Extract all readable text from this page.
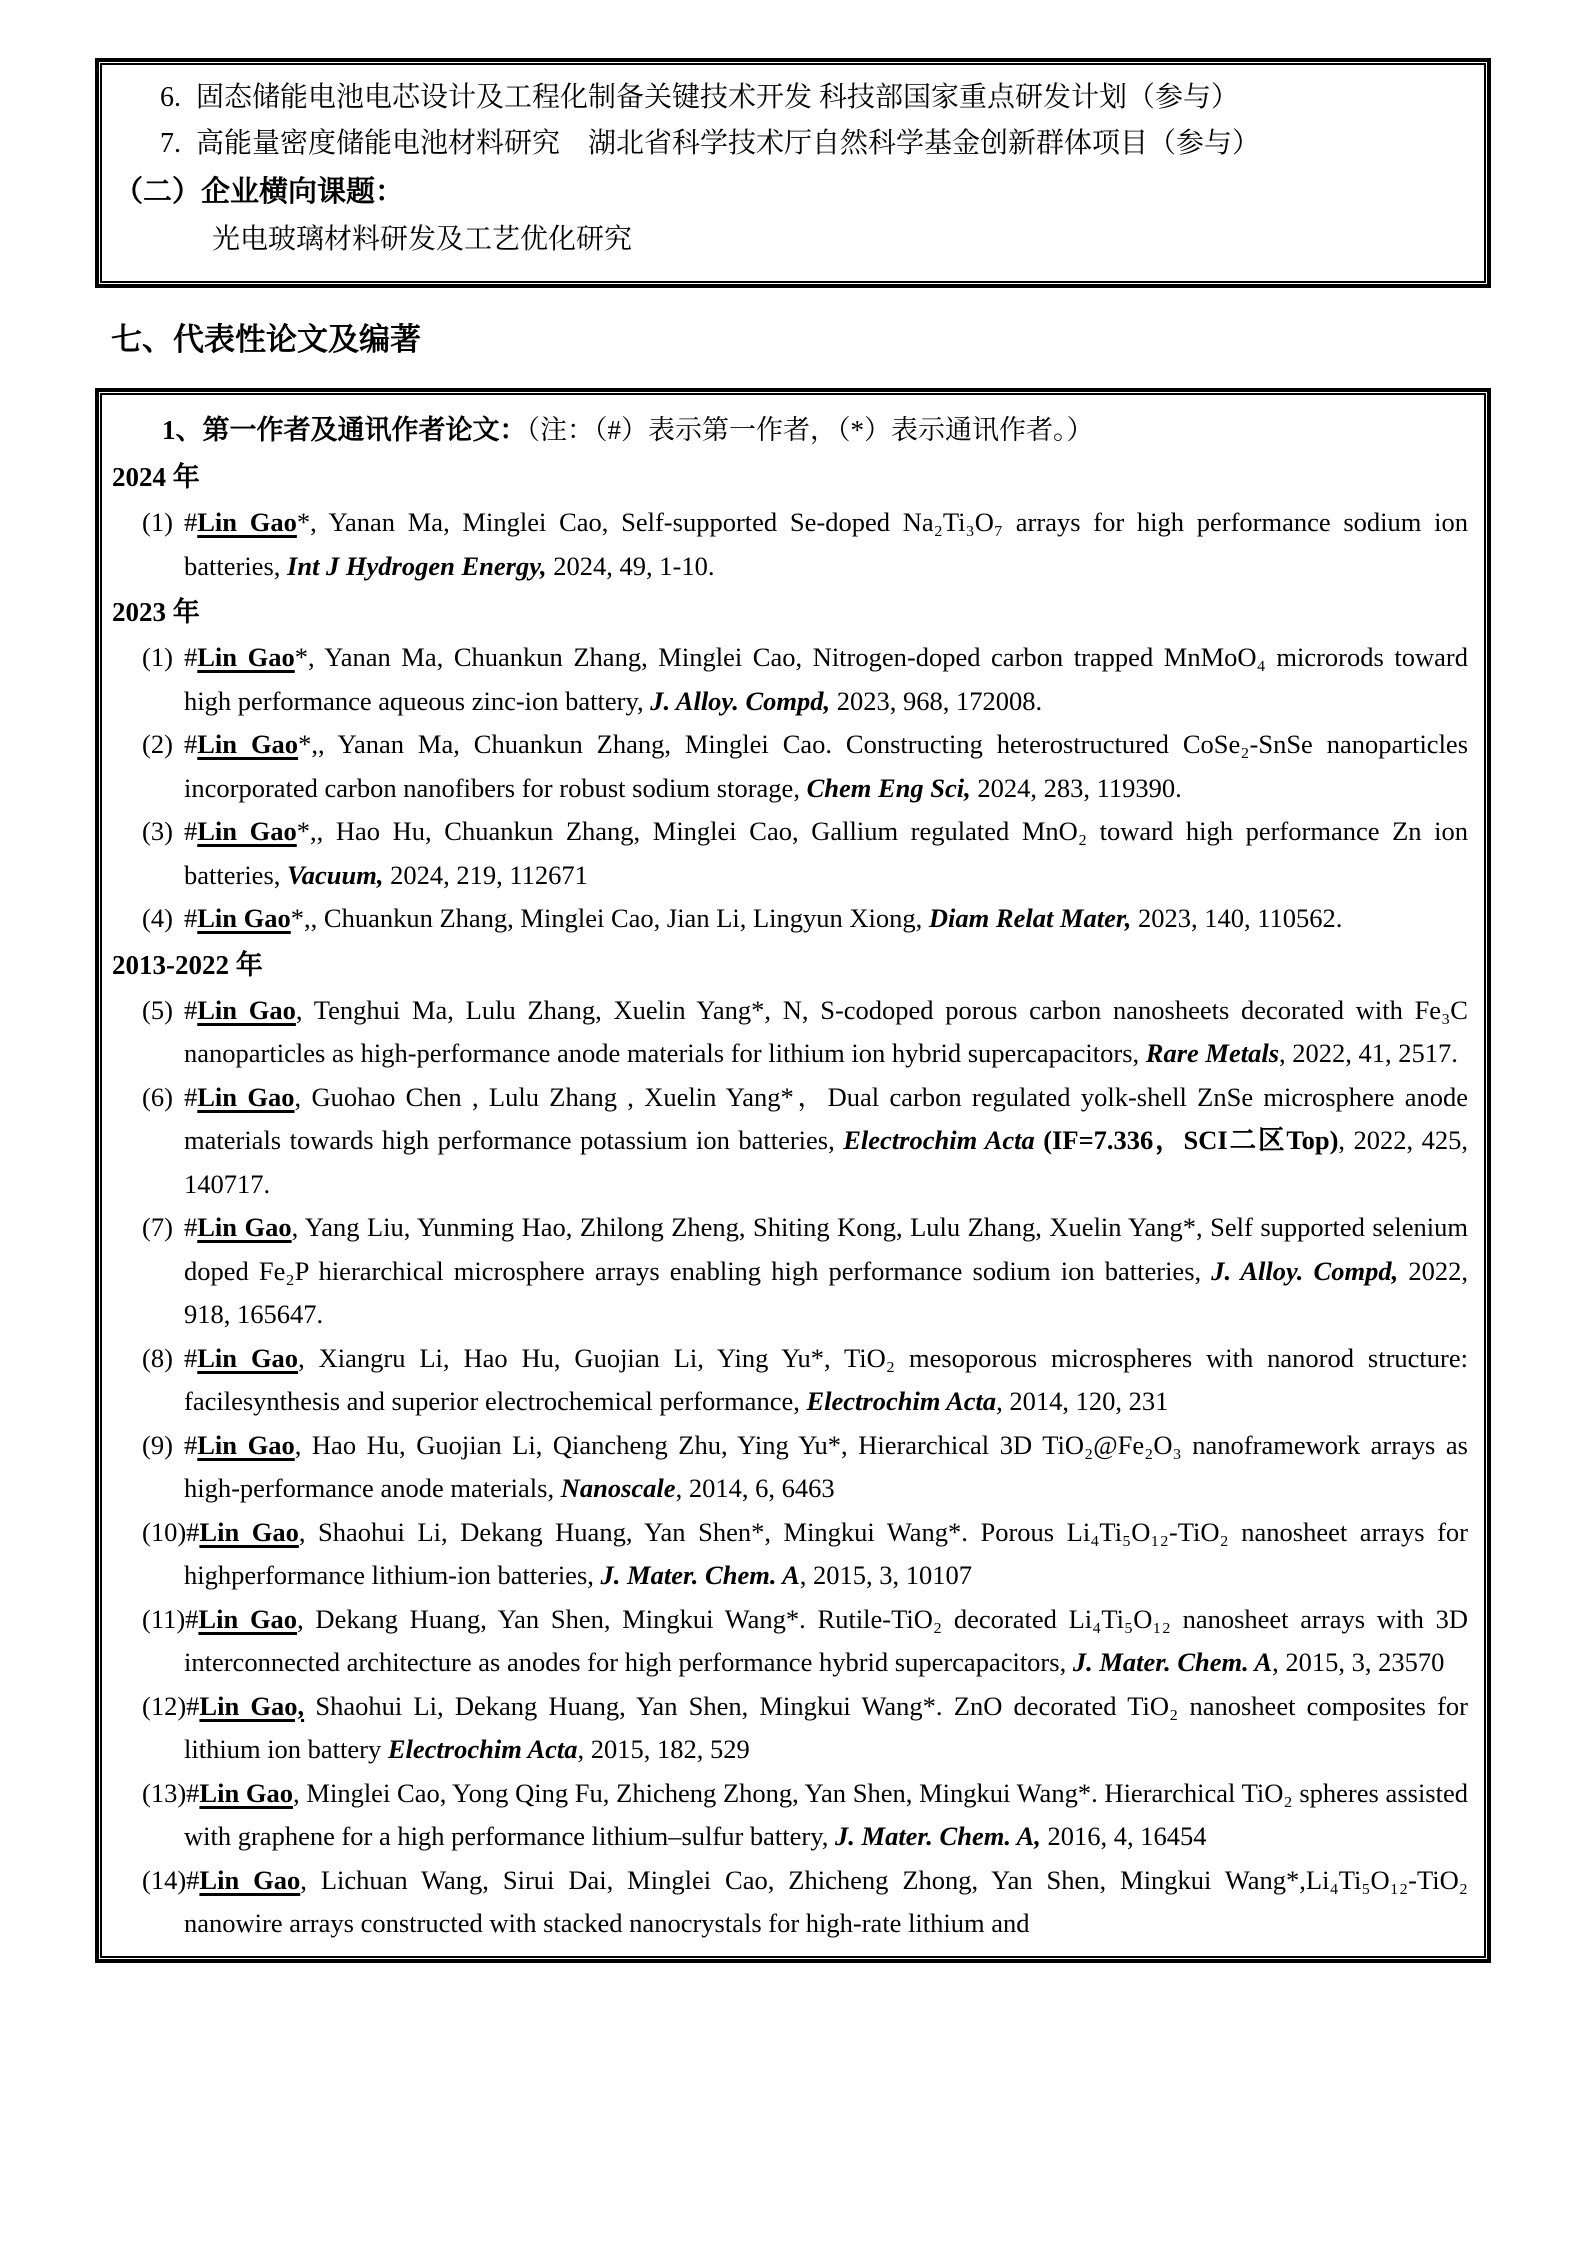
6. 固态储能电池电芯设计及工程化制备关键技术开发 科技部国家重点研发计划（参与）
7. 高能量密度储能电池材料研究　湖北省科学技术厅自然科学基金创新群体项目（参与）
（二）企业横向课题：
光电玻璃材料研发及工艺优化研究
七、代表性论文及编著
1、第一作者及通讯作者论文：（注：（#）表示第一作者，（*）表示通讯作者。）
2024 年
(1) #Lin Gao*, Yanan Ma, Minglei Cao, Self-supported Se-doped Na₂Ti₃O₇ arrays for high performance sodium ion batteries, Int J Hydrogen Energy, 2024, 49, 1-10.
2023 年
(1) #Lin Gao*, Yanan Ma, Chuankun Zhang, Minglei Cao, Nitrogen-doped carbon trapped MnMoO₄ microrods toward high performance aqueous zinc-ion battery, J. Alloy. Compd, 2023, 968, 172008.
(2) #Lin Gao*,, Yanan Ma, Chuankun Zhang, Minglei Cao. Constructing heterostructured CoSe₂-SnSe nanoparticles incorporated carbon nanofibers for robust sodium storage, Chem Eng Sci, 2024, 283, 119390.
(3) #Lin Gao*,, Hao Hu, Chuankun Zhang, Minglei Cao, Gallium regulated MnO₂ toward high performance Zn ion batteries, Vacuum, 2024, 219, 112671
(4) #Lin Gao*,, Chuankun Zhang, Minglei Cao, Jian Li, Lingyun Xiong, Diam Relat Mater, 2023, 140, 110562.
2013-2022 年
(5) #Lin Gao, Tenghui Ma, Lulu Zhang, Xuelin Yang*, N, S-codoped porous carbon nanosheets decorated with Fe₃C nanoparticles as high-performance anode materials for lithium ion hybrid supercapacitors, Rare Metals, 2022, 41, 2517.
(6) #Lin Gao, Guohao Chen , Lulu Zhang , Xuelin Yang*，Dual carbon regulated yolk-shell ZnSe microsphere anode materials towards high performance potassium ion batteries, Electrochim Acta (IF=7.336，SCI二区Top), 2022, 425, 140717.
(7) #Lin Gao, Yang Liu, Yunming Hao, Zhilong Zheng, Shiting Kong, Lulu Zhang, Xuelin Yang*, Self supported selenium doped Fe₂P hierarchical microsphere arrays enabling high performance sodium ion batteries, J. Alloy. Compd, 2022, 918, 165647.
(8) #Lin Gao, Xiangru Li, Hao Hu, Guojian Li, Ying Yu*, TiO₂ mesoporous microspheres with nanorod structure: facilesynthesis and superior electrochemical performance, Electrochim Acta, 2014, 120, 231
(9) #Lin Gao, Hao Hu, Guojian Li, Qiancheng Zhu, Ying Yu*, Hierarchical 3D TiO₂@Fe₂O₃ nanoframework arrays as high-performance anode materials, Nanoscale, 2014, 6, 6463
(10)#Lin Gao, Shaohui Li, Dekang Huang, Yan Shen*, Mingkui Wang*. Porous Li₄Ti₅O₁₂-TiO₂ nanosheet arrays for highperformance lithium-ion batteries, J. Mater. Chem. A, 2015, 3, 10107
(11)#Lin Gao, Dekang Huang, Yan Shen, Mingkui Wang*. Rutile-TiO₂ decorated Li₄Ti₅O₁₂ nanosheet arrays with 3D interconnected architecture as anodes for high performance hybrid supercapacitors, J. Mater. Chem. A, 2015, 3, 23570
(12)#Lin Gao, Shaohui Li, Dekang Huang, Yan Shen, Mingkui Wang*. ZnO decorated TiO₂ nanosheet composites for lithium ion battery Electrochim Acta, 2015, 182, 529
(13)#Lin Gao, Minglei Cao, Yong Qing Fu, Zhicheng Zhong, Yan Shen, Mingkui Wang*. Hierarchical TiO₂ spheres assisted with graphene for a high performance lithium–sulfur battery, J. Mater. Chem. A, 2016, 4, 16454
(14)#Lin Gao, Lichuan Wang, Sirui Dai, Minglei Cao, Zhicheng Zhong, Yan Shen, Mingkui Wang*,Li₄Ti₅O₁₂-TiO₂ nanowire arrays constructed with stacked nanocrystals for high-rate lithium and
